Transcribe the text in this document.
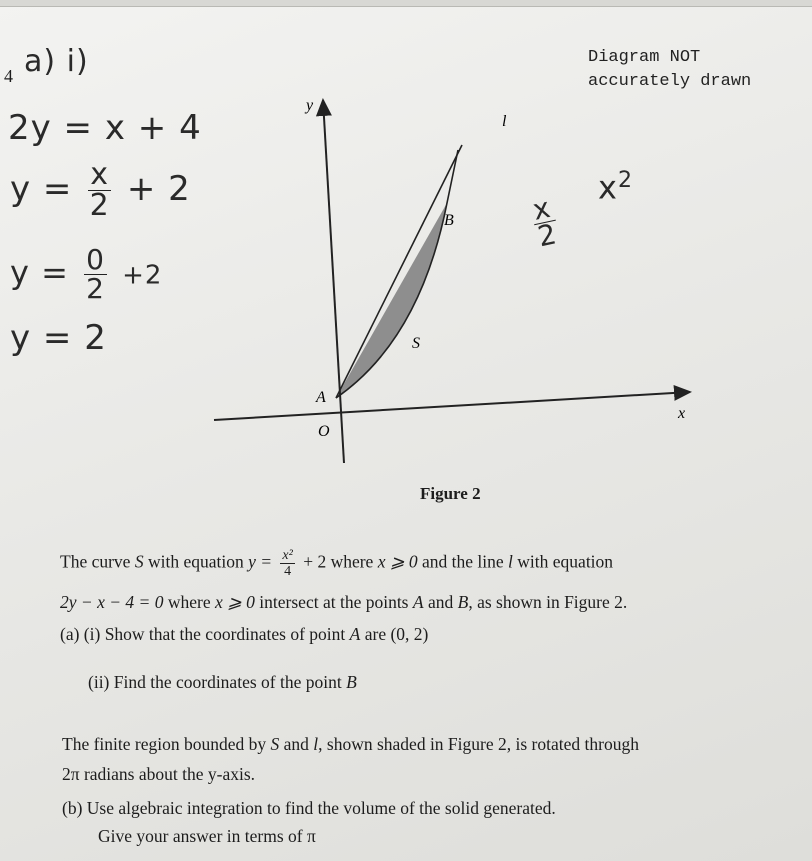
4 a) i)
2y = x + 4
$y = \frac{x}{2} + 2$
$y = \frac{0}{2} +2$
y = 2
$\frac{x}{2}$
$x^2$
Diagram NOT
accurately drawn
y
x
O
A
B
S
l
Figure 2
The curve S with equation $y = \frac{\text{x²}}{4} + 2$ where x ⩾ 0 and the line l with equation
2y − x − 4 = 0 where x ⩾ 0 intersect at the points A and B, as shown in Figure 2.
(a) (i) Show that the coordinates of point A are (0, 2)
(ii) Find the coordinates of the point B
The finite region bounded by S and l, shown shaded in Figure 2, is rotated through
2π radians about the y-axis.
(b) Use algebraic integration to find the volume of the solid generated.
Give your answer in terms of π
